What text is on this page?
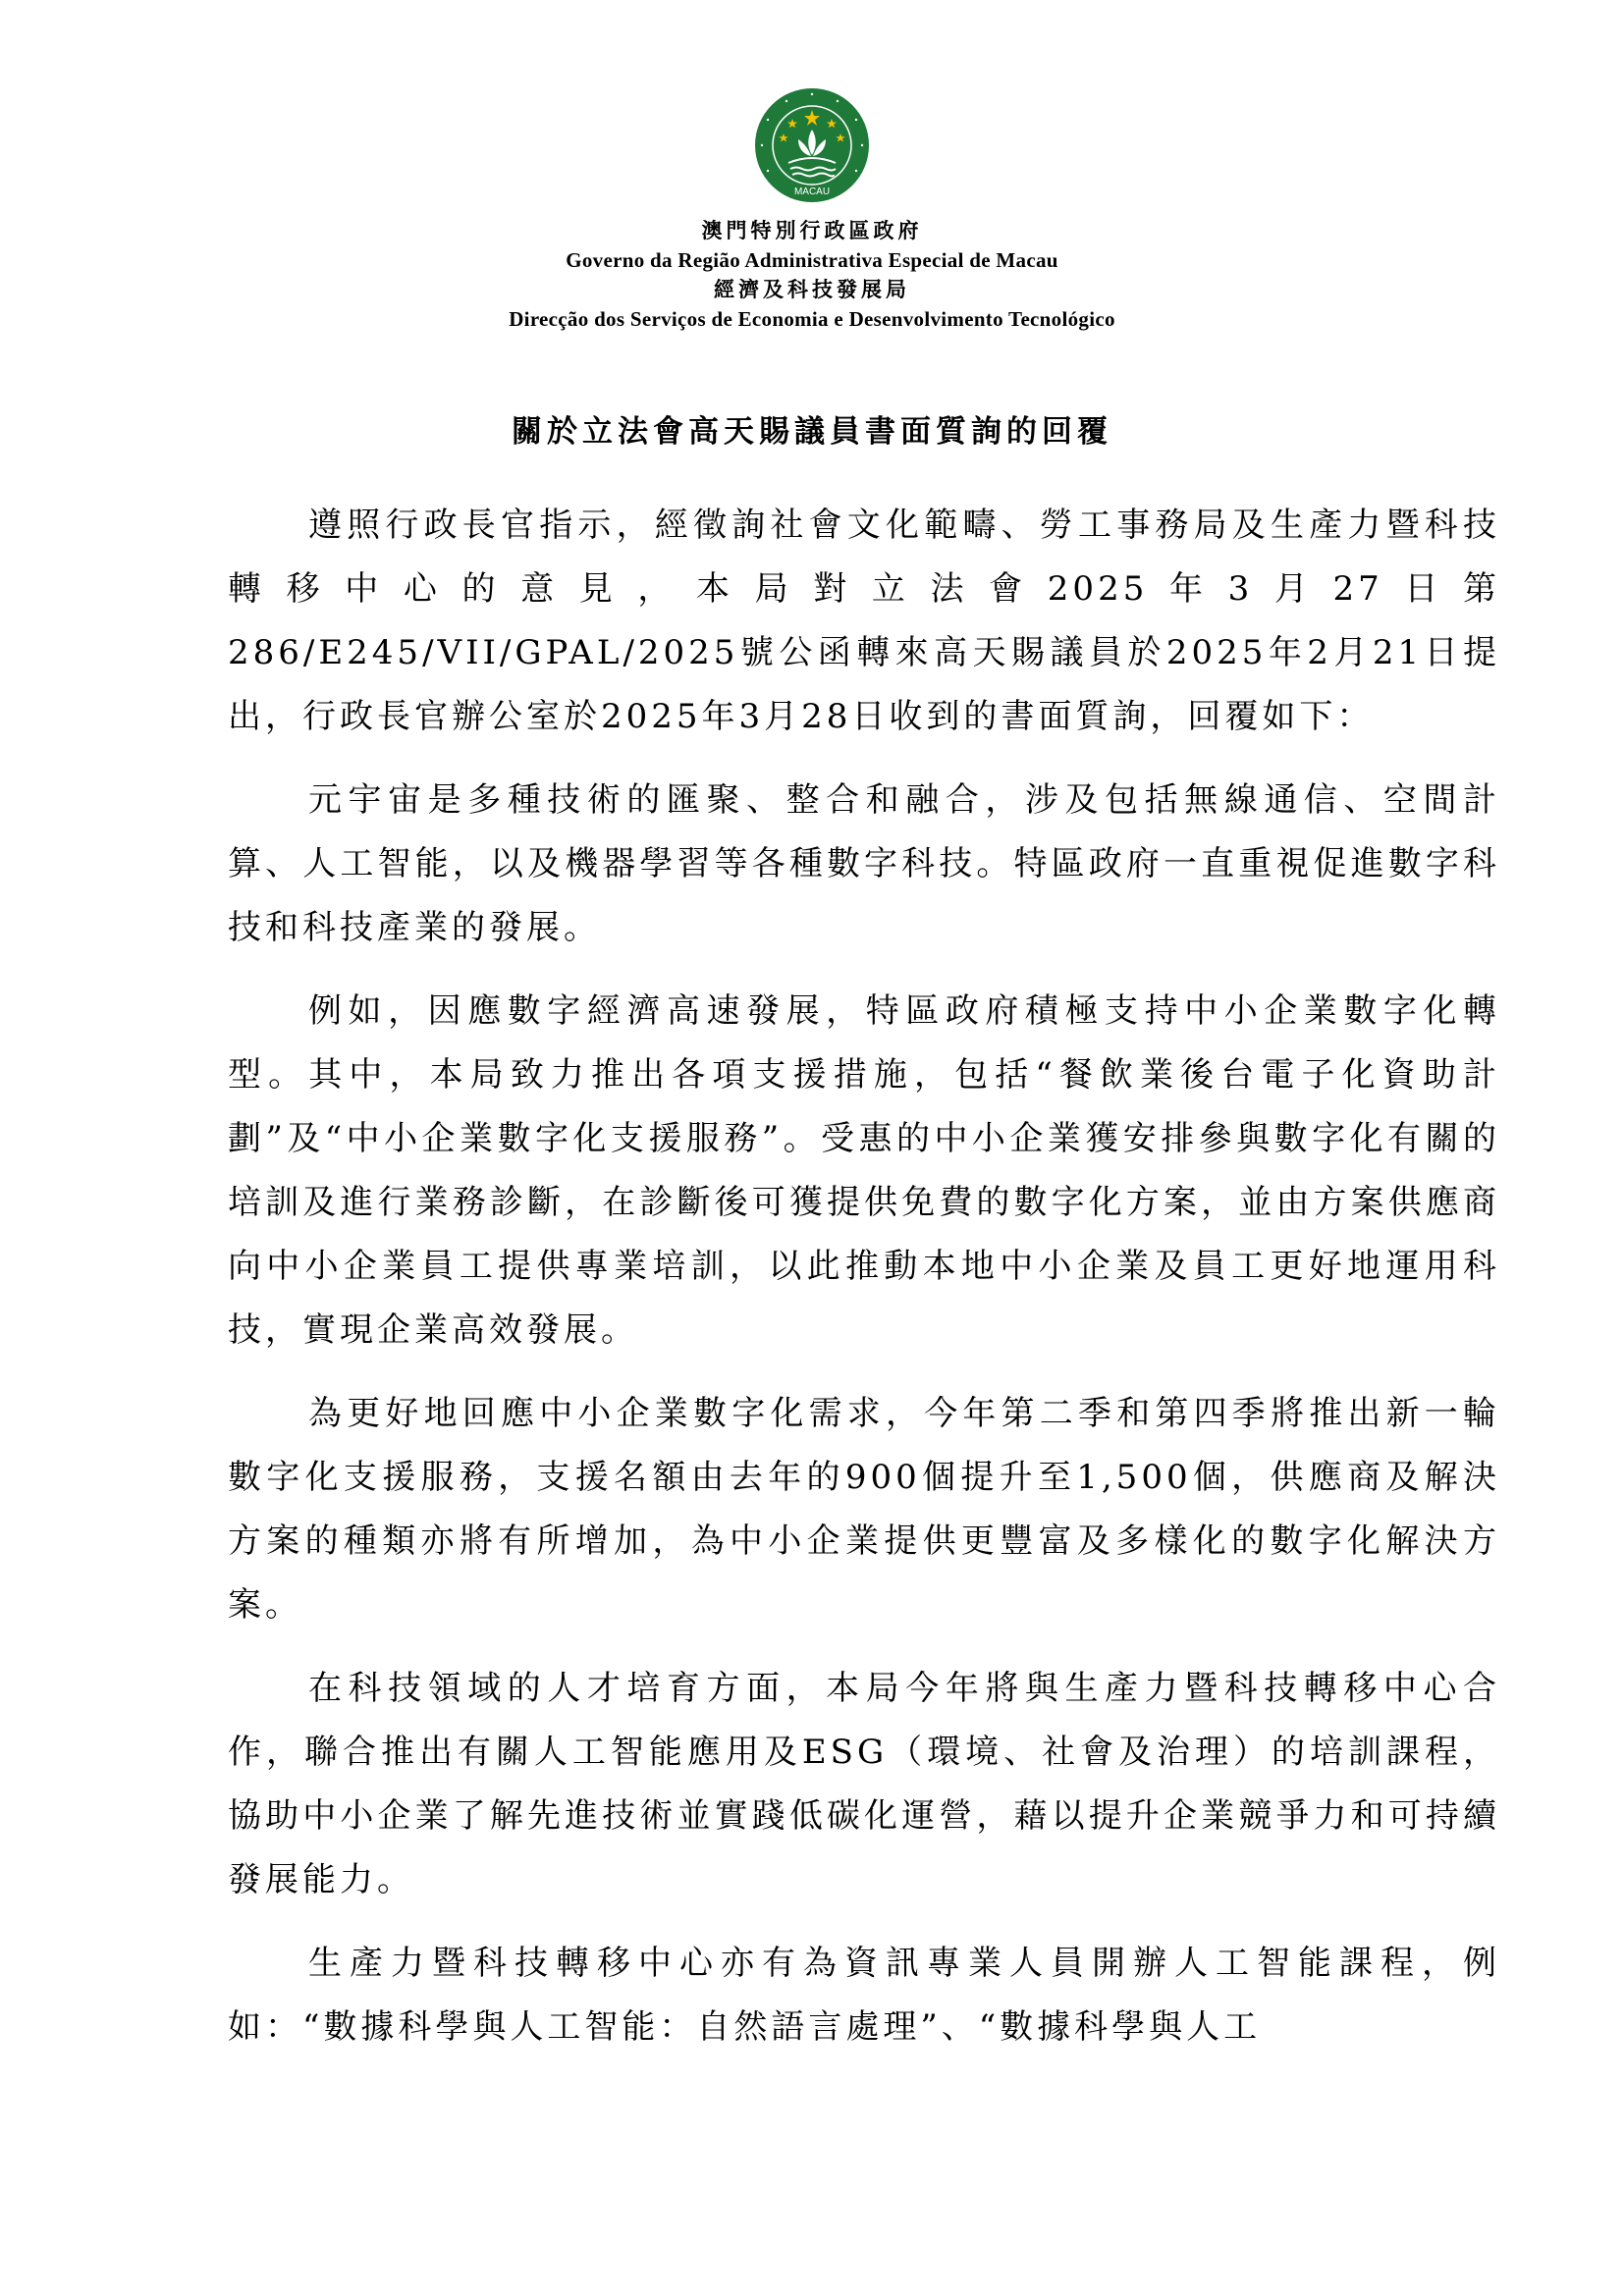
MACAU
澳門特別行政區政府
Governo da Região Administrativa Especial de Macau
經濟及科技發展局
Direcção dos Serviços de Economia e Desenvolvimento Tecnológico
關於立法會高天賜議員書面質詢的回覆

遵照行政長官指示，經徵詢社會文化範疇、勞工事務局及生產力暨科技轉移中心的意見，本局對立法會2025年3月27日第286/E245/VII/GPAL/2025號公函轉來高天賜議員於2025年2月21日提出，行政長官辦公室於2025年3月28日收到的書面質詢，回覆如下：

元宇宙是多種技術的匯聚、整合和融合，涉及包括無線通信、空間計算、人工智能，以及機器學習等各種數字科技。特區政府一直重視促進數字科技和科技產業的發展。

例如，因應數字經濟高速發展，特區政府積極支持中小企業數字化轉型。其中，本局致力推出各項支援措施，包括“餐飲業後台電子化資助計劃”及“中小企業數字化支援服務”。受惠的中小企業獲安排參與數字化有關的培訓及進行業務診斷，在診斷後可獲提供免費的數字化方案，並由方案供應商向中小企業員工提供專業培訓，以此推動本地中小企業及員工更好地運用科技，實現企業高效發展。

為更好地回應中小企業數字化需求，今年第二季和第四季將推出新一輪數字化支援服務，支援名額由去年的900個提升至1,500個，供應商及解決方案的種類亦將有所增加，為中小企業提供更豐富及多樣化的數字化解決方案。

在科技領域的人才培育方面，本局今年將與生產力暨科技轉移中心合作，聯合推出有關人工智能應用及ESG（環境、社會及治理）的培訓課程，協助中小企業了解先進技術並實踐低碳化運營，藉以提升企業競爭力和可持續發展能力。

生產力暨科技轉移中心亦有為資訊專業人員開辦人工智能課程，例如：“數據科學與人工智能：自然語言處理”、“數據科學與人工
